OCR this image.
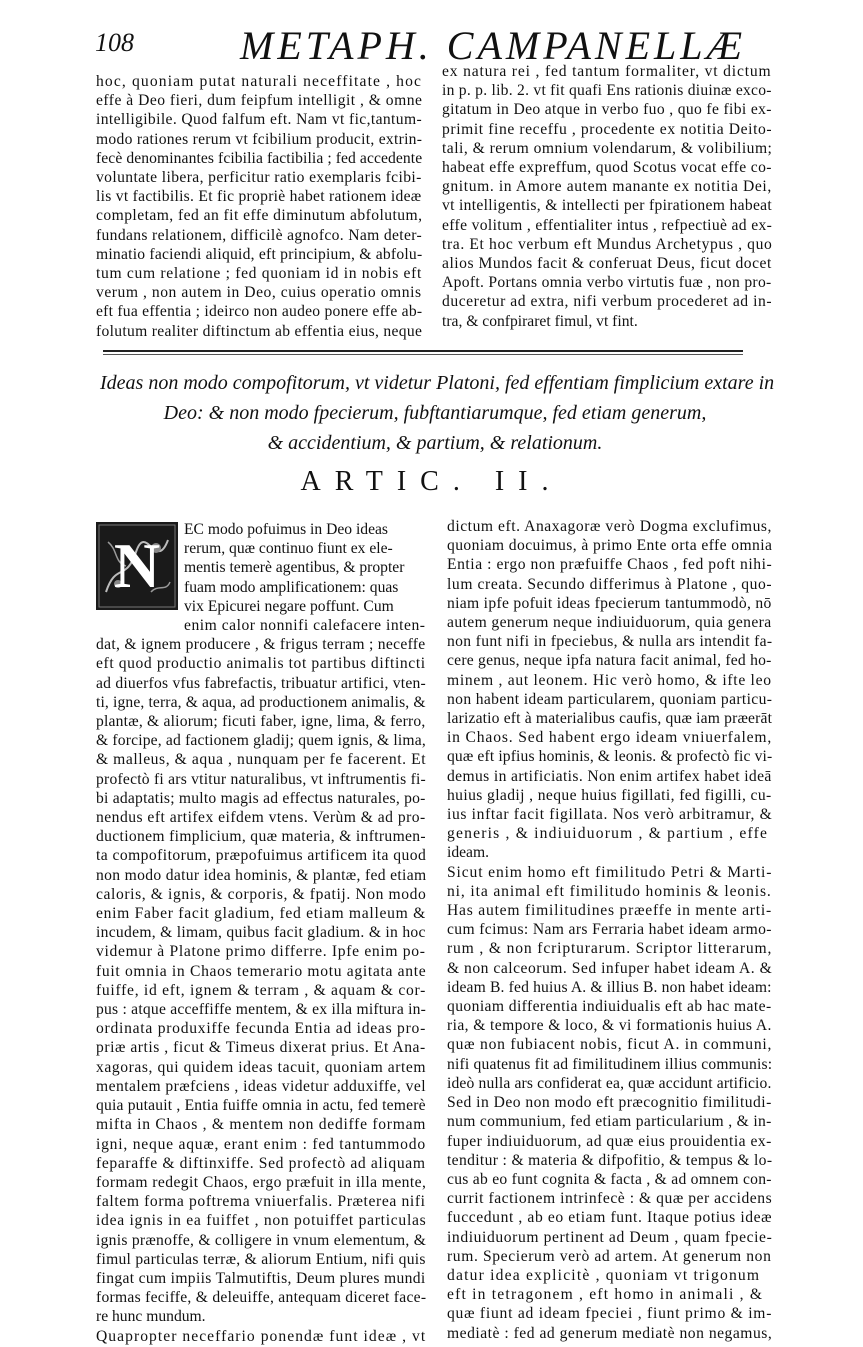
108	METAPH. CAMPANELLÆ
hoc, quoniam putat naturali neceffitate , hoc
effe à Deo fieri, dum feipfum intelligit , & omne
intelligibile. Quod falfum eft. Nam vt fic,tantum-
modo rationes rerum vt fcibilium producit, extrin-
fecè denominantes fcibilia factibilia ; fed accedente
voluntate libera, perficitur ratio exemplaris fcibi-
lis vt factibilis. Et fic propriè habet rationem ideæ
completam, fed an fit effe diminutum abfolutum,
fundans relationem, difficilè agnofco. Nam deter-
minatio faciendi aliquid, eft principium, & abfolu-
tum cum relatione ; fed quoniam id in nobis eft
verum , non autem in Deo, cuius operatio omnis
eft fua effentia ; ideirco non audeo ponere effe ab-
folutum realiter diftinctum ab effentia eius, neque
ex natura rei , fed tantum formaliter, vt dictum
in p. p. lib. 2. vt fit quafi Ens rationis diuinæ exco-
gitatum in Deo atque in verbo fuo , quo fe fibi ex-
primit fine receffu , procedente ex notitia Deito-
tali, & rerum omnium volendarum, & volibilium;
habeat effe expreffum, quod Scotus vocat effe co-
gnitum. in Amore autem manante ex notitia Dei,
vt intelligentis, & intellecti per fpirationem habeat
effe volitum , effentialiter intus , refpectiuè ad ex-
tra. Et hoc verbum eft Mundus Archetypus , quo
alios Mundos facit & conferuat Deus, ficut docet
Apoft. Portans omnia verbo virtutis fuæ , non pro-
duceretur ad extra, nifi verbum procederet ad in-
tra, & confpiraret fimul, vt fint.
Ideas non modo compofitorum, vt videtur Platoni, fed effentiam fimplicium extare in
Deo: & non modo fpecierum, fubftantiarumque, fed etiam generum,
& accidentium, & partium, & relationum.
ARTIC. II.
N
EC modo pofuimus in Deo ideas
rerum, quæ continuo fiunt ex ele-
mentis temerè agentibus, & propter
fuam modo amplificationem: quas
vix Epicurei negare poffunt. Cum
enim calor nonnifi calefacere inten-
dat, & ignem producere , & frigus terram ; neceffe
eft quod productio animalis tot partibus diftincti
ad diuerfos vfus fabrefactis, tribuatur artifici, vten-
ti, igne, terra, & aqua, ad productionem animalis, &
plantæ, & aliorum; ficuti faber, igne, lima, & ferro,
& forcipe, ad factionem gladij; quem ignis, & lima,
& malleus, & aqua , nunquam per fe facerent. Et
profectò fi ars vtitur naturalibus, vt inftrumentis fi-
bi adaptatis; multo magis ad effectus naturales, po-
nendus eft artifex eifdem vtens. Verùm & ad pro-
ductionem fimplicium, quæ materia, & inftrumen-
ta compofitorum, præpofuimus artificem ita quod
non modo datur idea hominis, & plantæ, fed etiam
caloris, & ignis, & corporis, & fpatij. Non modo
enim Faber facit gladium, fed etiam malleum &
incudem, & limam, quibus facit gladium. & in hoc
videmur à Platone primo differre. Ipfe enim po-
fuit omnia in Chaos temerario motu agitata ante
fuiffe, id eft, ignem & terram , & aquam & cor-
pus : atque acceffiffe mentem, & ex illa miftura in-
ordinata produxiffe fecunda Entia ad ideas pro-
priæ artis , ficut & Timeus dixerat prius. Et Ana-
xagoras, qui quidem ideas tacuit, quoniam artem
mentalem præfciens , ideas videtur adduxiffe, vel
quia putauit , Entia fuiffe omnia in actu, fed temerè
mifta in Chaos , & mentem non dediffe formam
igni, neque aquæ, erant enim : fed tantummodo
feparaffe & diftinxiffe. Sed profectò ad aliquam
formam redegit Chaos, ergo præfuit in illa mente,
faltem forma poftrema vniuerfalis. Præterea nifi
idea ignis in ea fuiffet , non potuiffet particulas
ignis prænoffe, & colligere in vnum elementum, &
fimul particulas terræ, & aliorum Entium, nifi quis
fingat cum impiis Talmutiftis, Deum plures mundi
formas feciffe, & deleuiffe, antequam diceret face-
re hunc mundum.
Quapropter neceffario ponendæ funt ideæ , vt
dictum eft. Anaxagoræ verò Dogma exclufimus,
quoniam docuimus, à primo Ente orta effe omnia
Entia : ergo non præfuiffe Chaos , fed poft nihi-
lum creata. Secundo differimus à Platone , quo-
niam ipfe pofuit ideas fpecierum tantummodò, nō
autem generum neque indiuiduorum, quia genera
non funt nifi in fpeciebus, & nulla ars intendit fa-
cere genus, neque ipfa natura facit animal, fed ho-
minem , aut leonem. Hic verò homo, & ifte leo
non habent ideam particularem, quoniam particu-
larizatio eft à materialibus caufis, quæ iam præerāt
in Chaos. Sed habent ergo ideam vniuerfalem,
quæ eft ipfius hominis, & leonis. & profectò fic vi-
demus in artificiatis. Non enim artifex habet ideā
huius gladij , neque huius figillati, fed figilli, cu-
ius inftar facit figillata. Nos verò arbitramur, &
generis , & indiuiduorum , & partium , effe
ideam.
Sicut enim homo eft fimilitudo Petri & Marti-
ni, ita animal eft fimilitudo hominis & leonis.
Has autem fimilitudines præeffe in mente arti-
cum fcimus: Nam ars Ferraria habet ideam armo-
rum , & non fcripturarum. Scriptor litterarum,
& non calceorum. Sed infuper habet ideam A. &
ideam B. fed huius A. & illius B. non habet ideam:
quoniam differentia indiuidualis eft ab hac mate-
ria, & tempore & loco, & vi formationis huius A.
quæ non fubiacent nobis, ficut A. in communi,
nifi quatenus fit ad fimilitudinem illius communis:
ideò nulla ars confiderat ea, quæ accidunt artificio.
Sed in Deo non modo eft præcognitio fimilitudi-
num communium, fed etiam particularium , & in-
fuper indiuiduorum, ad quæ eius prouidentia ex-
tenditur : & materia & difpofitio, & tempus & lo-
cus ab eo funt cognita & facta , & ad omnem con-
currit factionem intrinfecè : & quæ per accidens
fuccedunt , ab eo etiam funt. Itaque potius ideæ
indiuiduorum pertinent ad Deum , quam fpecie-
rum. Specierum verò ad artem. At generum non
datur idea explicitè , quoniam vt trigonum
eft in tetragonem , eft homo in animali , &
quæ fiunt ad ideam fpeciei , fiunt primo & im-
mediatè : fed ad generum mediatè non negamus,
